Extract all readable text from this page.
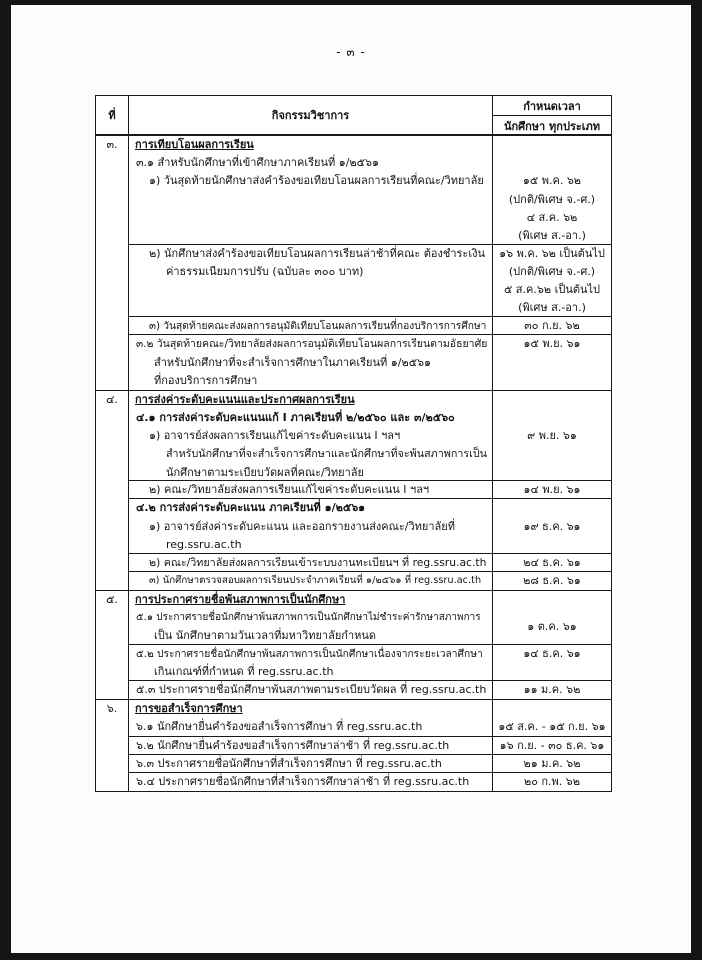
- ๓ -
ที่	กิจกรรมวิชาการ
กำหนดเวลา
นักศึกษา ทุกประเภท
๓.	การเทียบโอนผลการเรียน
๓.๑ สำหรับนักศึกษาที่เข้าศึกษาภาคเรียนที่ ๑/๒๕๖๑
๑) วันสุดท้ายนักศึกษาส่งคำร้องขอเทียบโอนผลการเรียนที่คณะ/วิทยาลัย	๑๕ พ.ค. ๖๒
(ปกติ/พิเศษ จ.-ศ.)
๔ ส.ค. ๖๒
(พิเศษ ส.-อา.)
๒) นักศึกษาส่งคำร้องขอเทียบโอนผลการเรียนล่าช้าที่คณะ ต้องชำระเงิน
ค่าธรรมเนียมการปรับ (ฉบับละ ๓๐๐ บาท)
๑๖ พ.ค. ๖๒ เป็นต้นไป
(ปกติ/พิเศษ จ.-ศ.)
๕ ส.ค.๖๒ เป็นต้นไป
(พิเศษ ส.-อา.)
๓) วันสุดท้ายคณะส่งผลการอนุมัติเทียบโอนผลการเรียนที่กองบริการการศึกษา	๓๐ ก.ย. ๖๒
๓.๒ วันสุดท้ายคณะ/วิทยาลัยส่งผลการอนุมัติเทียบโอนผลการเรียนตามอัธยาศัย
สำหรับนักศึกษาที่จะสำเร็จการศึกษาในภาคเรียนที่ ๑/๒๕๖๑
ที่กองบริการการศึกษา
๑๕ พ.ย. ๖๑
๔.	การส่งค่าระดับคะแนนและประกาศผลการเรียน
๔.๑ การส่งค่าระดับคะแนนแก้ I ภาคเรียนที่ ๒/๒๕๖๐ และ ๓/๒๕๖๐
๑) อาจารย์ส่งผลการเรียนแก้ไขค่าระดับคะแนน I ฯลฯ
สำหรับนักศึกษาที่จะสำเร็จการศึกษาและนักศึกษาที่จะพ้นสภาพการเป็น
นักศึกษาตามระเบียบวัดผลที่คณะ/วิทยาลัย
๙ พ.ย. ๖๑
๒) คณะ/วิทยาลัยส่งผลการเรียนแก้ไขค่าระดับคะแนน I ฯลฯ	๑๔ พ.ย. ๖๑
๔.๒ การส่งค่าระดับคะแนน ภาคเรียนที่ ๑/๒๕๖๑
๑) อาจารย์ส่งค่าระดับคะแนน และออกรายงานส่งคณะ/วิทยาลัยที่
reg.ssru.ac.th
๑๙ ธ.ค. ๖๑
๒) คณะ/วิทยาลัยส่งผลการเรียนเข้าระบบงานทะเบียนฯ ที่ reg.ssru.ac.th	๒๔ ธ.ค. ๖๑
๓) นักศึกษาตรวจสอบผลการเรียนประจำภาคเรียนที่ ๑/๒๕๖๑ ที่ reg.ssru.ac.th	๒๘ ธ.ค. ๖๑
๕.	การประกาศรายชื่อพ้นสภาพการเป็นนักศึกษา
๕.๑ ประกาศรายชื่อนักศึกษาพ้นสภาพการเป็นนักศึกษาไม่ชำระค่ารักษาสภาพการ
เป็น นักศึกษาตามวันเวลาที่มหาวิทยาลัยกำหนด
๑ ต.ค. ๖๑
๕.๒ ประกาศรายชื่อนักศึกษาพ้นสภาพการเป็นนักศึกษาเนื่องจากระยะเวลาศึกษา
เกินเกณฑ์ที่กำหนด ที่ reg.ssru.ac.th
๑๔ ธ.ค. ๖๑
๕.๓ ประกาศรายชื่อนักศึกษาพ้นสภาพตามระเบียบวัดผล ที่ reg.ssru.ac.th	๑๑ ม.ค. ๖๒
๖.	การขอสำเร็จการศึกษา
๖.๑ นักศึกษายื่นคำร้องขอสำเร็จการศึกษา ที่ reg.ssru.ac.th	๑๕ ส.ค. - ๑๕ ก.ย. ๖๑
๖.๒ นักศึกษายื่นคำร้องขอสำเร็จการศึกษาล่าช้า ที่ reg.ssru.ac.th	๑๖ ก.ย. - ๓๐ ธ.ค. ๖๑
๖.๓ ประกาศรายชื่อนักศึกษาที่สำเร็จการศึกษา ที่ reg.ssru.ac.th	๒๑ ม.ค. ๖๒
๖.๔ ประกาศรายชื่อนักศึกษาที่สำเร็จการศึกษาล่าช้า ที่ reg.ssru.ac.th	๒๐ ก.พ. ๖๒
